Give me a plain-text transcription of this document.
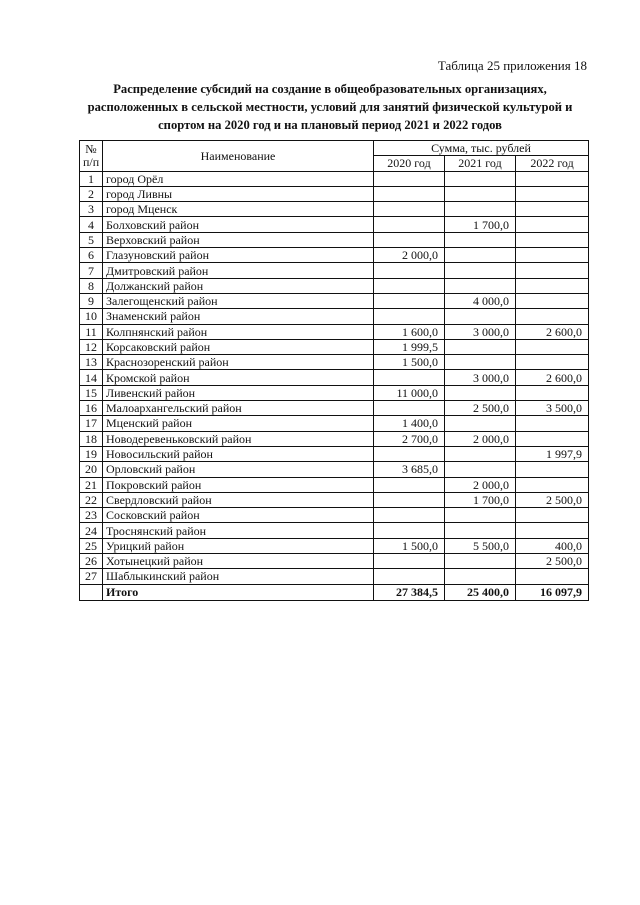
Таблица 25 приложения 18
Распределение субсидий на создание в общеобразовательных организациях,
расположенных в сельской местности, условий для занятий физической культурой и
спортом на 2020 год и на плановый период 2021 и 2022 годов
№
п/п	Наименование	Сумма, тыс. рублей		
		2020 год	2021 год	2022 год
1	город Орёл			
2	город Ливны			
3	город Мценск			
4	Болховский район		1 700,0	
5	Верховский район			
6	Глазуновский район	2 000,0		
7	Дмитровский район			
8	Должанский район			
9	Залегощенский район		4 000,0	
10	Знаменский район			
11	Колпнянский район	1 600,0	3 000,0	2 600,0
12	Корсаковский район	1 999,5		
13	Краснозоренский район	1 500,0		
14	Кромской район		3 000,0	2 600,0
15	Ливенский район	11 000,0		
16	Малоархангельский район		2 500,0	3 500,0
17	Мценский район	1 400,0		
18	Новодеревеньковский район	2 700,0	2 000,0	
19	Новосильский район			1 997,9
20	Орловский район	3 685,0		
21	Покровский район		2 000,0	
22	Свердловский район		1 700,0	2 500,0
23	Сосковский район			
24	Троснянский район			
25	Урицкий район	1 500,0	5 500,0	400,0
26	Хотынецкий район			2 500,0
27	Шаблыкинский район			
	Итого	27 384,5	25 400,0	16 097,9
